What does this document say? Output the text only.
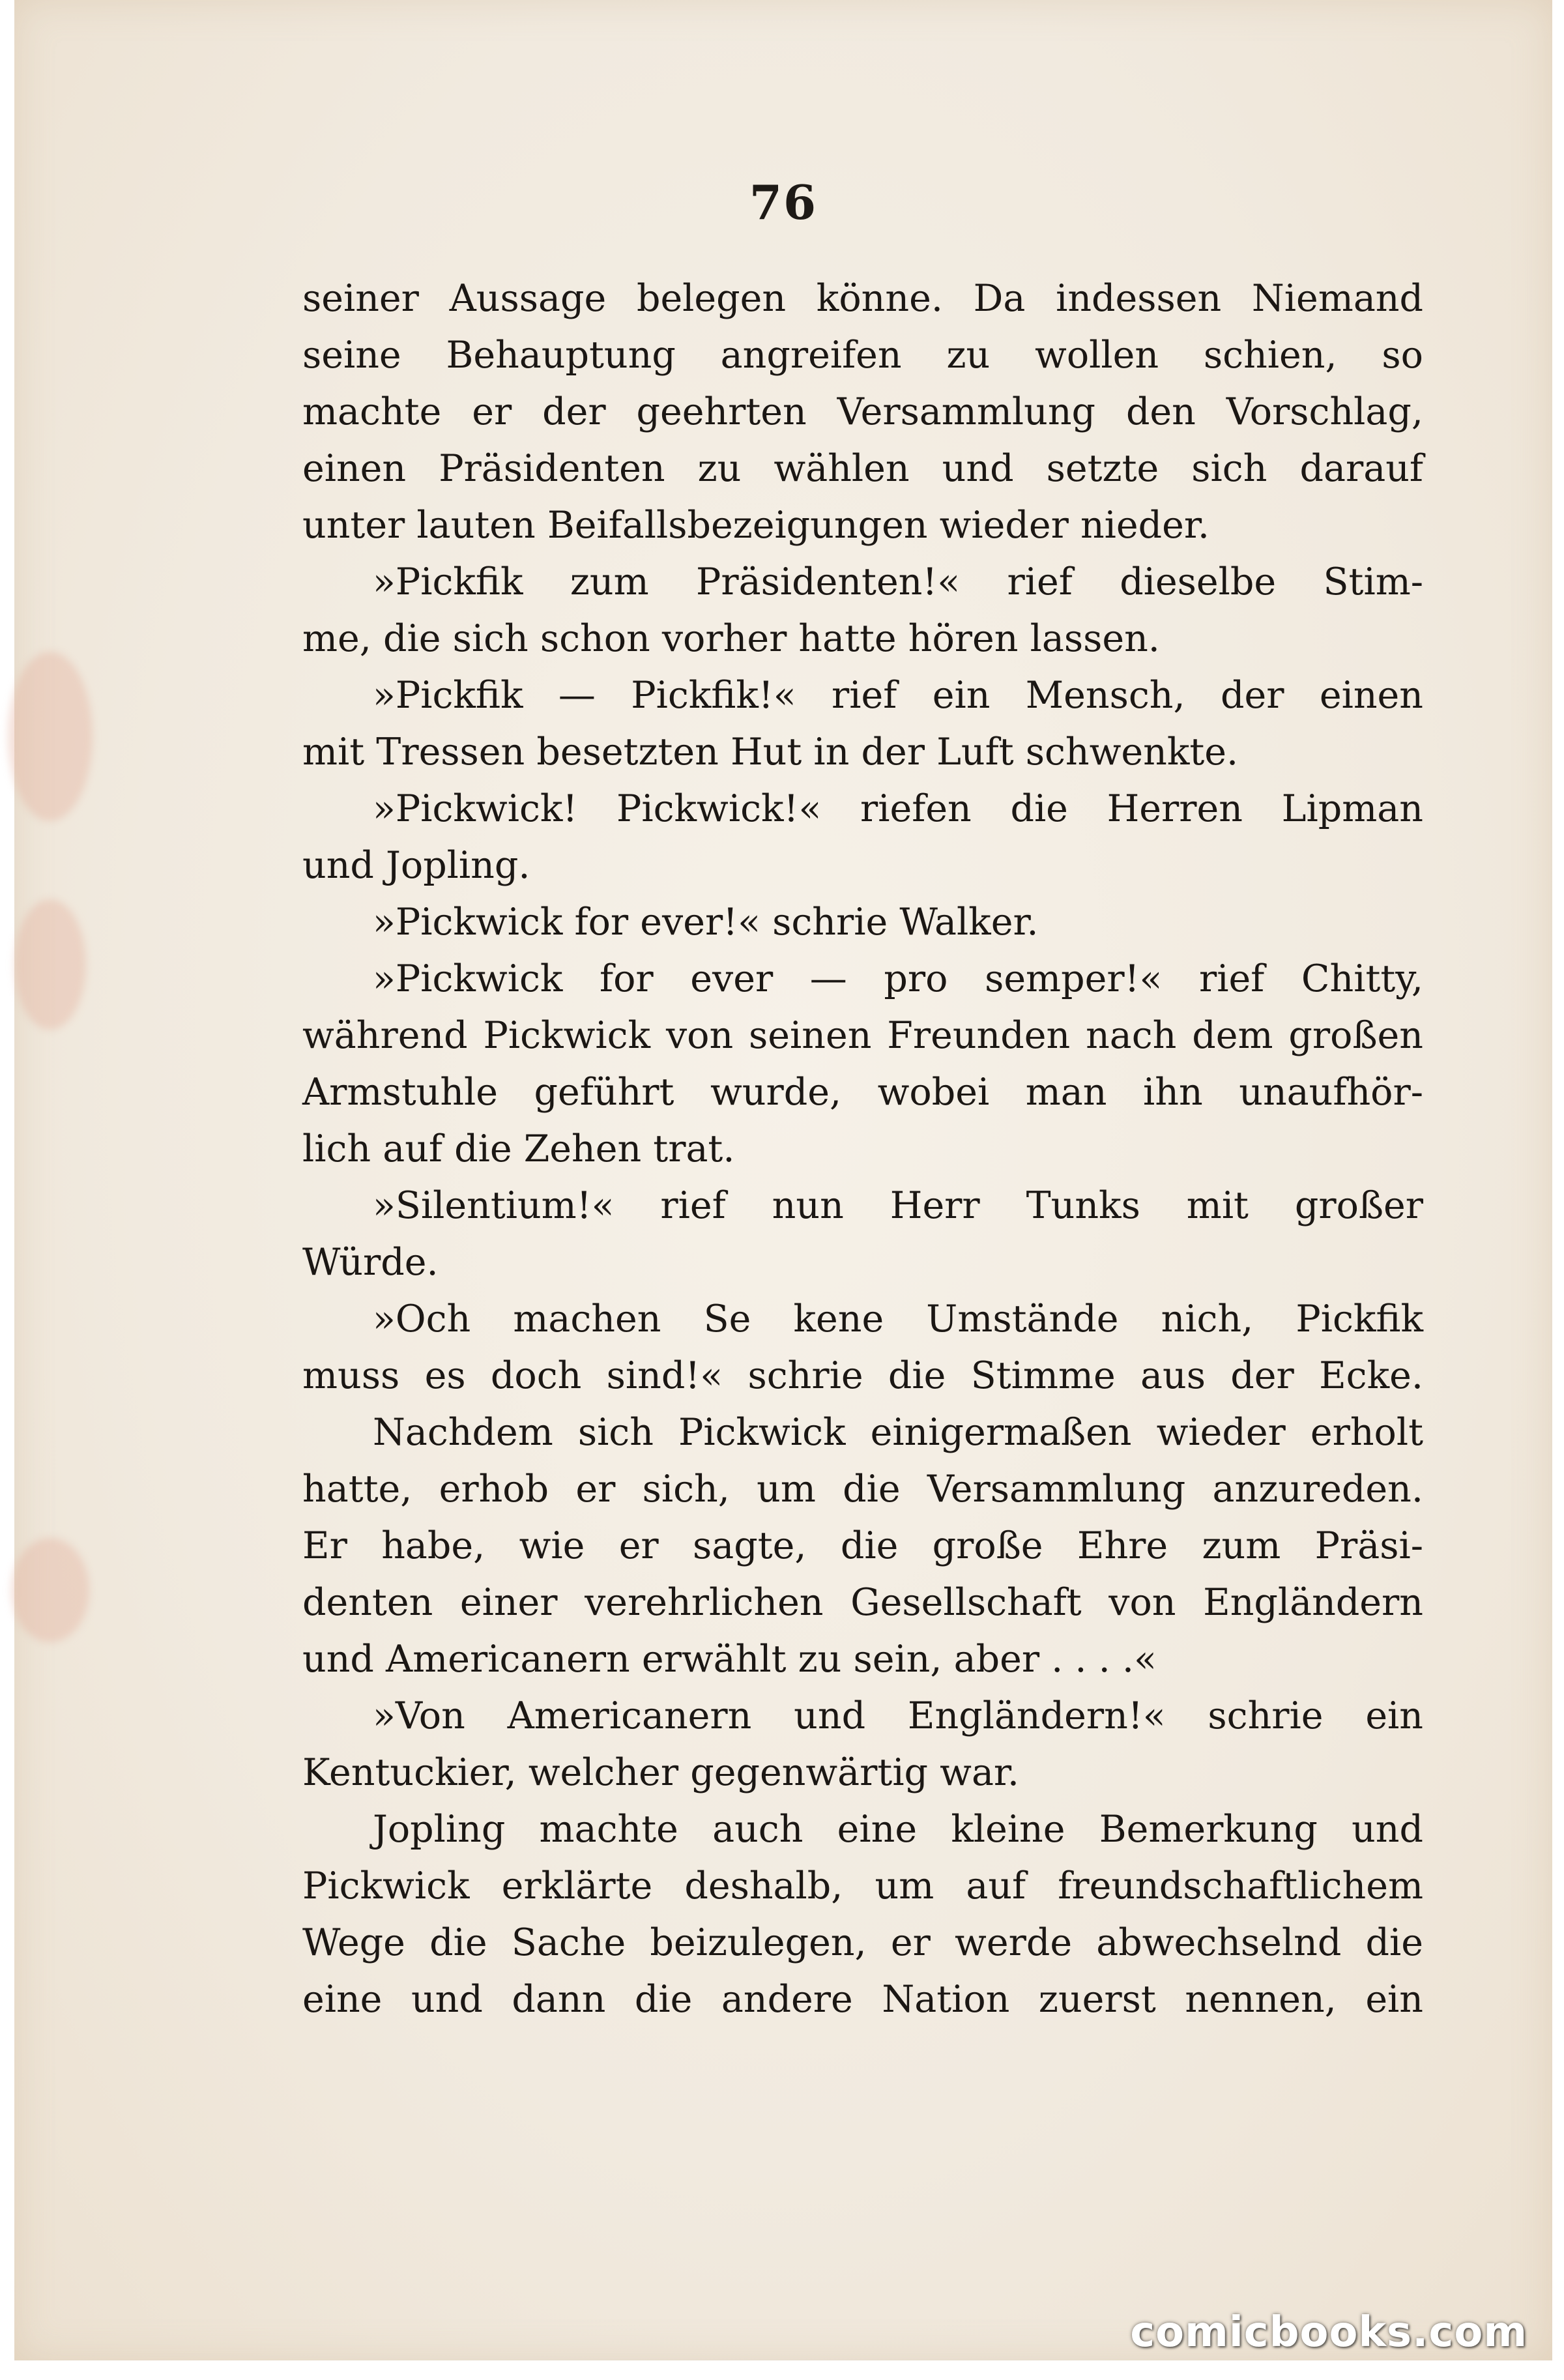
76
seiner Aussage belegen könne. Da indessen Niemand
seine Behauptung angreifen zu wollen schien, so
machte er der geehrten Versammlung den Vorschlag,
einen Präsidenten zu wählen und setzte sich darauf
unter lauten Beifallsbezeigungen wieder nieder.
»Pickfik zum Präsidenten!« rief dieselbe Stim-
me, die sich schon vorher hatte hören lassen.
»Pickfik — Pickfik!« rief ein Mensch, der einen
mit Tressen besetzten Hut in der Luft schwenkte.
»Pickwick! Pickwick!« riefen die Herren Lipman
und Jopling.
»Pickwick for ever!« schrie Walker.
»Pickwick for ever — pro semper!« rief Chitty,
während Pickwick von seinen Freunden nach dem großen
Armstuhle geführt wurde, wobei man ihn unaufhör-
lich auf die Zehen trat.
»Silentium!« rief nun Herr Tunks mit großer
Würde.
»Och machen Se kene Umstände nich, Pickfik
muss es doch sind!« schrie die Stimme aus der Ecke.
Nachdem sich Pickwick einigermaßen wieder erholt
hatte, erhob er sich, um die Versammlung anzureden.
Er habe, wie er sagte, die große Ehre zum Präsi-
denten einer verehrlichen Gesellschaft von Engländern
und Americanern erwählt zu sein, aber . . . .«
»Von Americanern und Engländern!« schrie ein
Kentuckier, welcher gegenwärtig war.
Jopling machte auch eine kleine Bemerkung und
Pickwick erklärte deshalb, um auf freundschaftlichem
Wege die Sache beizulegen, er werde abwechselnd die
eine und dann die andere Nation zuerst nennen, ein
comicbooks.com
